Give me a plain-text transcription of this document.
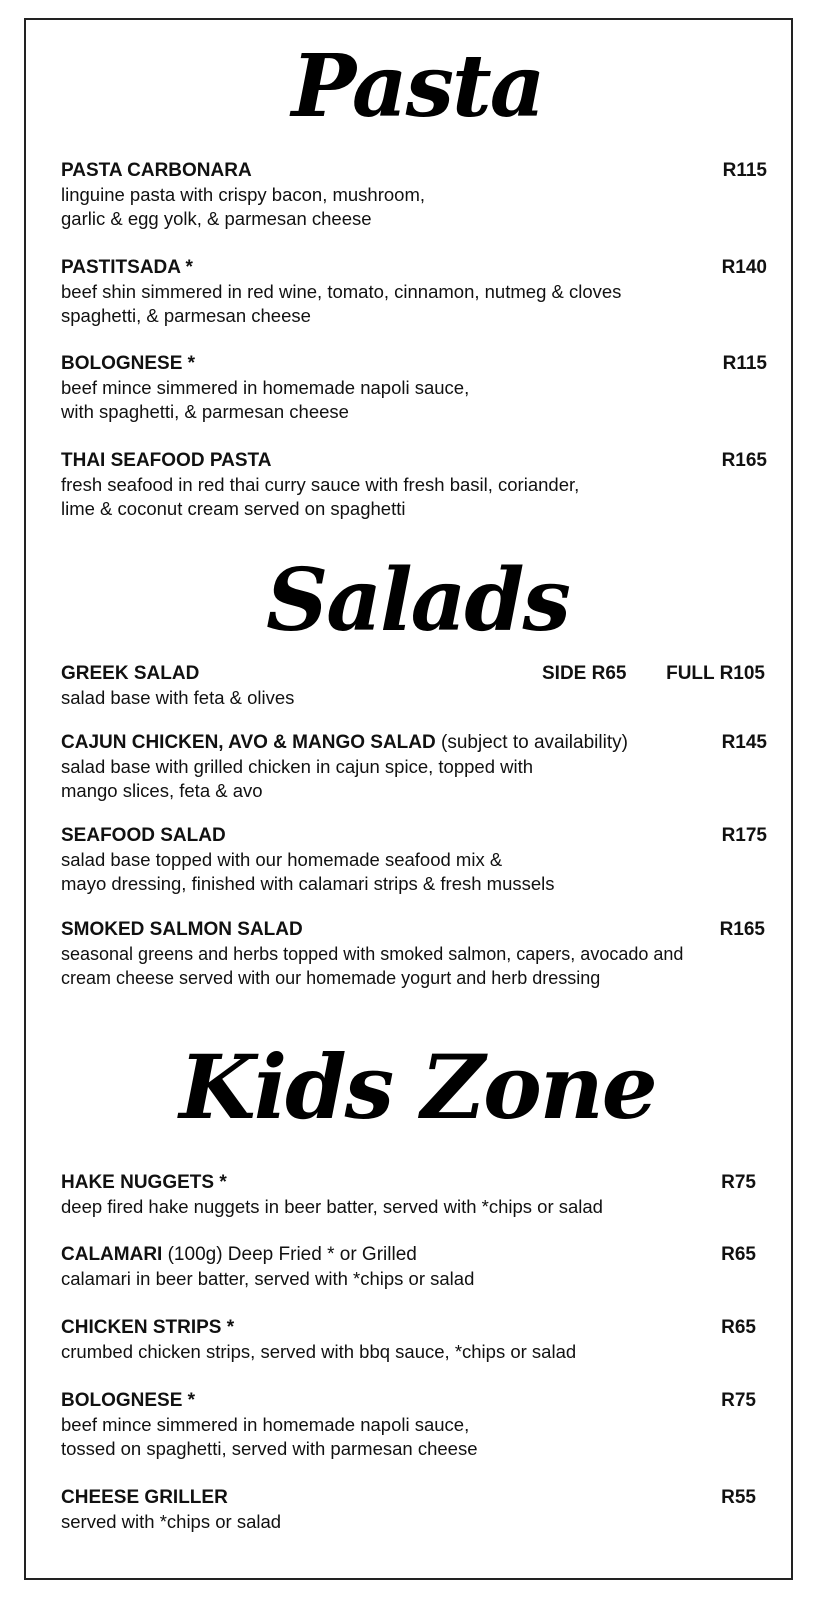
Pasta
PASTA CARBONARA	R115
linguine pasta with crispy bacon, mushroom,
garlic & egg yolk, & parmesan cheese
PASTITSADA *	R140
beef shin simmered in red wine, tomato, cinnamon, nutmeg & cloves
spaghetti, & parmesan cheese
BOLOGNESE *	R115
beef mince simmered in homemade napoli sauce,
with spaghetti, & parmesan cheese
THAI SEAFOOD PASTA	R165
fresh seafood in red thai curry sauce with fresh basil, coriander,
lime & coconut cream served on spaghetti
Salads
GREEK SALAD	SIDE R65 FULL R105
salad base with feta & olives
CAJUN CHICKEN, AVO & MANGO SALAD (subject to availability)	R145
salad base with grilled chicken in cajun spice, topped with
mango slices, feta & avo
SEAFOOD SALAD	R175
salad base topped with our homemade seafood mix &
mayo dressing, finished with calamari strips & fresh mussels
SMOKED SALMON SALAD	R165
seasonal greens and herbs topped with smoked salmon, capers, avocado and
cream cheese served with our homemade yogurt and herb dressing
Kids Zone
HAKE NUGGETS *	R75
deep fired hake nuggets in beer batter, served with *chips or salad
CALAMARI (100g) Deep Fried * or Grilled	R65
calamari in beer batter, served with *chips or salad
CHICKEN STRIPS *	R65
crumbed chicken strips, served with bbq sauce, *chips or salad
BOLOGNESE *	R75
beef mince simmered in homemade napoli sauce,
tossed on spaghetti, served with parmesan cheese
CHEESE GRILLER	R55
served with *chips or salad
